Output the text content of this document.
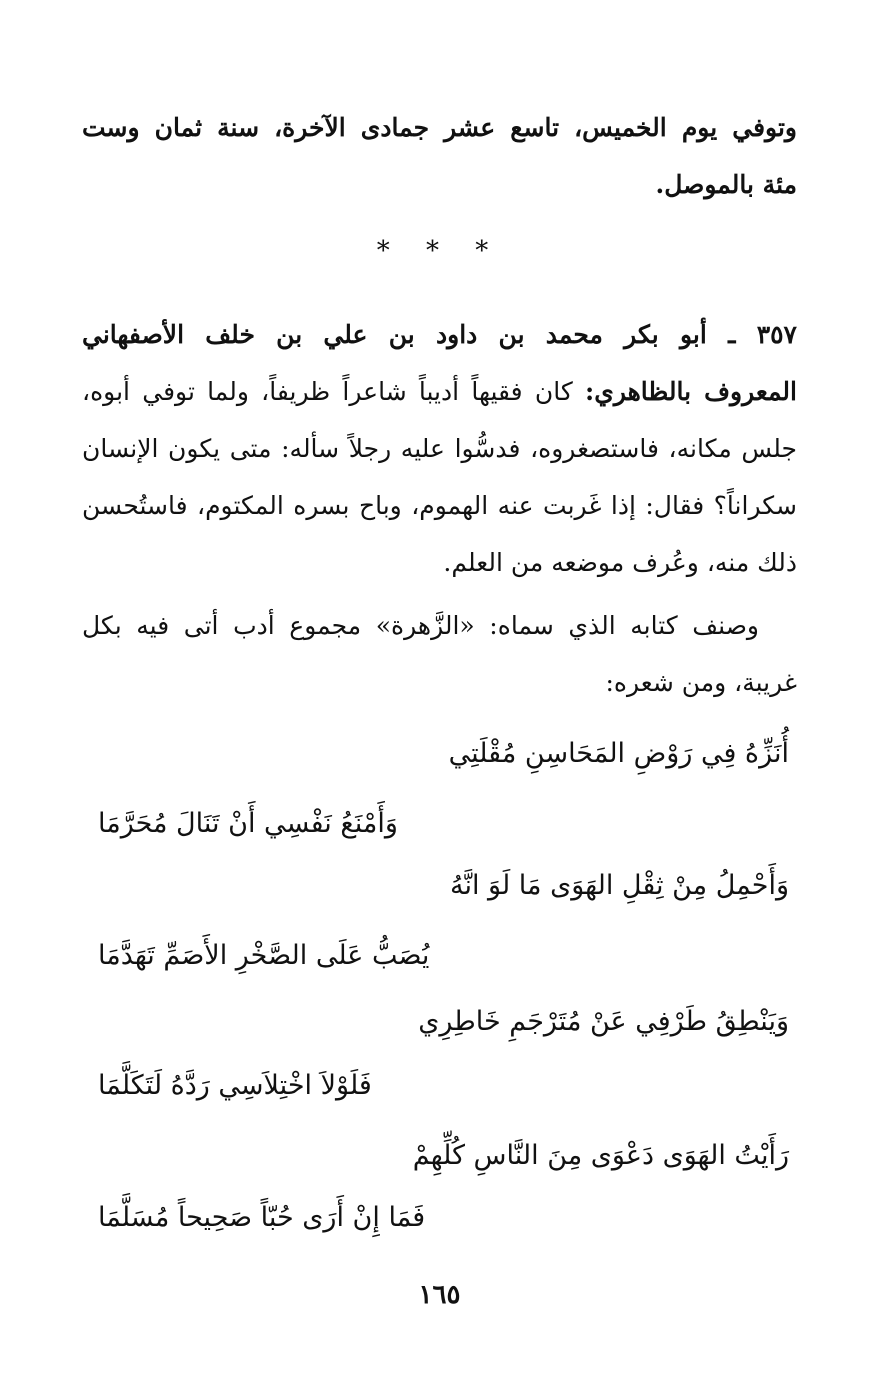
وتوفي يوم الخميس، تاسع عشر جمادى الآخرة، سنة ثمان وست
مئة بالموصل.
* * *
٣٥٧ ـ أبو بكر محمد بن داود بن علي بن خلف الأصفهاني
المعروف بالظاهري: كان فقيهاً أديباً شاعراً ظريفاً، ولما توفي أبوه،
جلس مكانه، فاستصغروه، فدسُّوا عليه رجلاً سأله: متى يكون الإنسان
سكراناً؟ فقال: إذا غَربت عنه الهموم، وباح بسره المكتوم، فاستُحسن
ذلك منه، وعُرف موضعه من العلم.
وصنف كتابه الذي سماه: «الزَّهرة» مجموع أدب أتى فيه بكل
غريبة، ومن شعره:
أُنَزِّهُ فِي رَوْضِ المَحَاسِنِ مُقْلَتِي
وَأَمْنَعُ نَفْسِي أَنْ تَنَالَ مُحَرَّمَا
وَأَحْمِلُ مِنْ ثِقْلِ الهَوَى مَا لَوَ انَّهُ
يُصَبُّ عَلَى الصَّخْرِ الأَصَمِّ تَهَدَّمَا
وَيَنْطِقُ طَرْفِي عَنْ مُتَرْجَمِ خَاطِرِي
فَلَوْلاَ اخْتِلاَسِي رَدَّهُ لَتَكَلَّمَا
رَأَيْتُ الهَوَى دَعْوَى مِنَ النَّاسِ كُلِّهِمْ
فَمَا إِنْ أَرَى حُبّاً صَحِيحاً مُسَلَّمَا
١٦٥
